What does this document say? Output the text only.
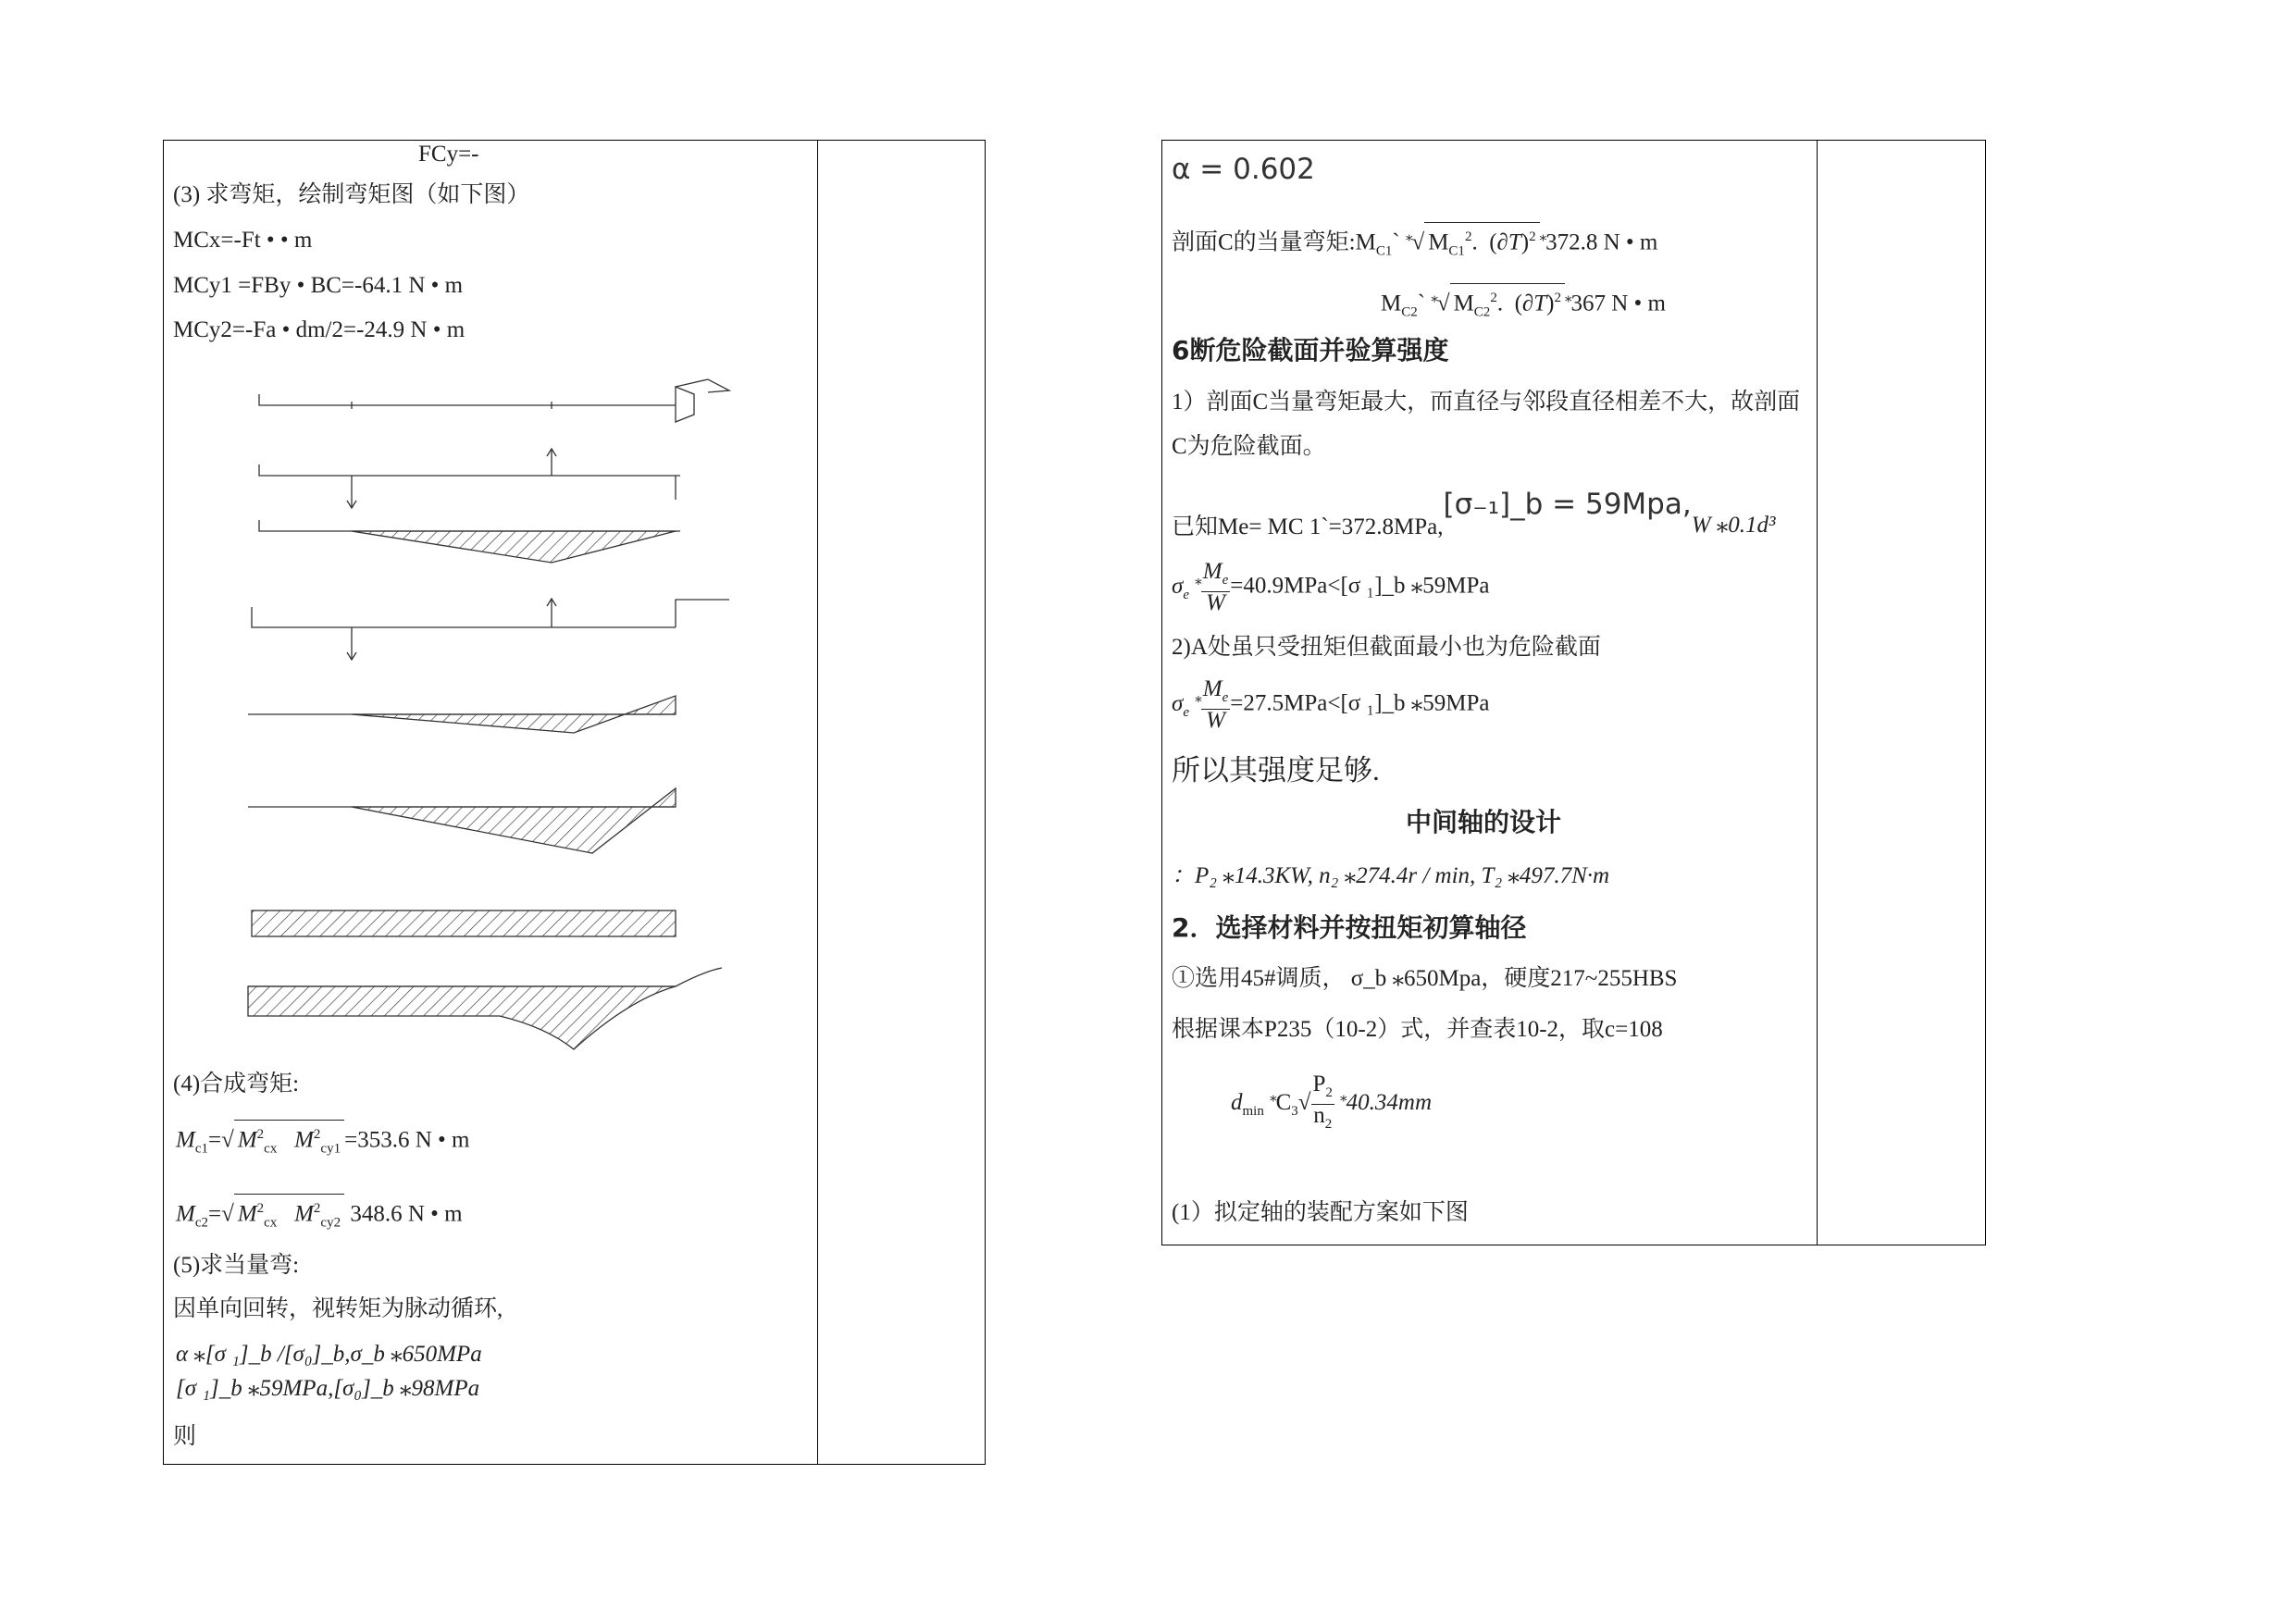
FCy=-
(3) 求弯矩，绘制弯矩图（如下图）
MCx=-Ft • • m
MCy1 =FBy • BC=-64.1 N • m
MCy2=-Fa • dm/2=-24.9 N • m
(4)合成弯矩:
$M_{c1}=√$ $M^2_{cx}$ $M^2_{cy1} =353.6$ N • m
$M_{c2}=√$ $M^2_{cx}$ $M^2_{cy2}$ 348.6 N • m
(5)求当量弯:
因单向回转，视转矩为脉动循环,
α ⁎[σ ₁]_b /[σ₀]_b,σ_b ⁎650MPa
[σ ₁]_b ⁎59MPa,[σ₀]_b ⁎98MPa
则
α = 0.602
剖面C的当量弯矩$:M_{C1}`$ ⁎√ $M_{C1}^2$.  $(\partial T)^2$ ⁎372.8 N • m
$M_{C2}`$ ⁎√ $M_{C2}^2$.  $(\partial T)^2$ ⁎367 N • m
6断危险截面并验算强度
1）剖面C当量弯矩最大，而直径与邻段直径相差不大，故剖面
C为危险截面。
已知Me= MC 1`=372.8MPa,[σ₋₁]_b = 59Mpa,W ⁎0.1d³
$\sigma_e$ $^⁎ \frac{M_e}{W} =40.9MPa<[\sigma$ ₁]_b ⁎59MPa
2)A处虽只受扭矩但截面最小也为危险截面
$\sigma_e$ $^⁎ \frac{M_e}{W} =27.5MPa<[\sigma$ ₁]_b ⁎59MPa
所以其强度足够.
中间轴的设计
：P₂ ⁎14.3KW, n₂ ⁎274.4r / min, T₂ ⁎497.7N·m
2．选择材料并按扭矩初算轴径
①选用45#调质， σ_b ⁎650Mpa，硬度217~255HBS
根据课本P235（10-2）式，并查表10-2，取c=108
$d_{min}$ $^⁎C_3√ \frac{P_2}{n_2} ^⁎40.34mm$
(1）拟定轴的装配方案如下图
